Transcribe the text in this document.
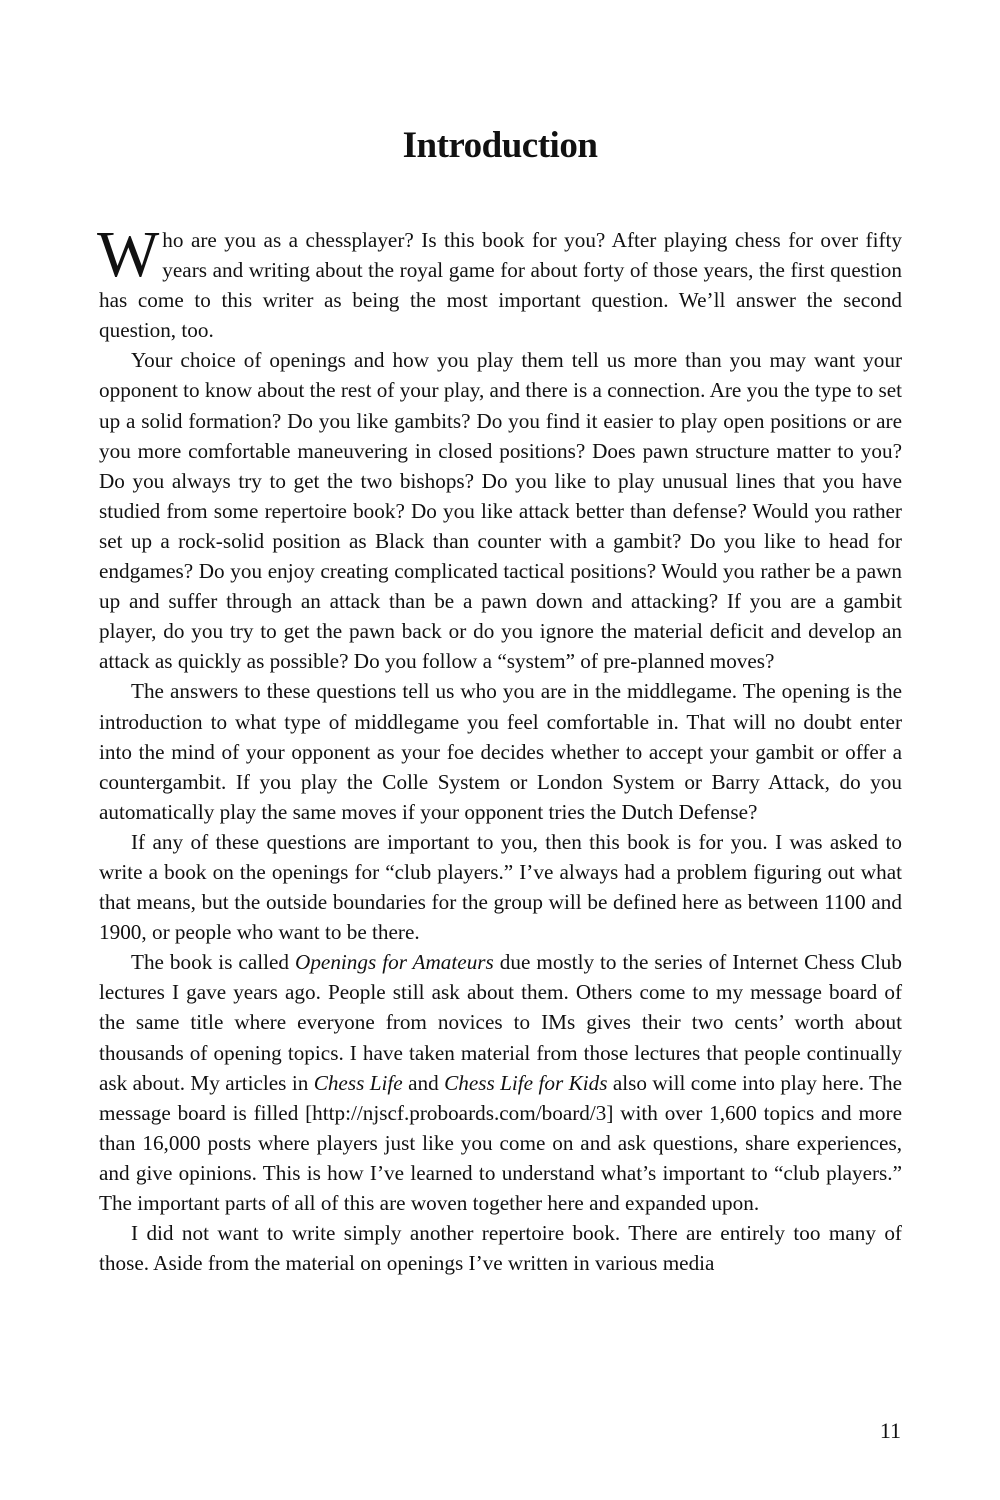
Introduction

Who are you as a chessplayer? Is this book for you? After playing chess for over fifty years and writing about the royal game for about forty of those years, the first question has come to this writer as being the most important question. We’ll answer the second question, too.

Your choice of openings and how you play them tell us more than you may want your opponent to know about the rest of your play, and there is a connection. Are you the type to set up a solid formation? Do you like gambits? Do you find it easier to play open positions or are you more comfortable maneuvering in closed positions? Does pawn structure matter to you? Do you always try to get the two bishops? Do you like to play unusual lines that you have studied from some repertoire book? Do you like attack better than defense? Would you rather set up a rock-solid position as Black than counter with a gambit? Do you like to head for endgames? Do you enjoy creating complicated tactical positions? Would you rather be a pawn up and suffer through an attack than be a pawn down and attacking? If you are a gambit player, do you try to get the pawn back or do you ignore the material deficit and develop an attack as quickly as possible? Do you follow a “system” of pre-planned moves?

The answers to these questions tell us who you are in the middlegame. The opening is the introduction to what type of middlegame you feel comfortable in. That will no doubt enter into the mind of your opponent as your foe decides whether to accept your gambit or offer a countergambit. If you play the Colle System or London System or Barry Attack, do you automatically play the same moves if your opponent tries the Dutch Defense?

If any of these questions are important to you, then this book is for you. I was asked to write a book on the openings for “club players.” I’ve always had a problem figuring out what that means, but the outside boundaries for the group will be defined here as between 1100 and 1900, or people who want to be there.

The book is called Openings for Amateurs due mostly to the series of Internet Chess Club lectures I gave years ago. People still ask about them. Others come to my message board of the same title where everyone from novices to IMs gives their two cents’ worth about thousands of opening topics. I have taken material from those lectures that people continually ask about. My articles in Chess Life and Chess Life for Kids also will come into play here. The message board is filled [http://njscf.proboards.com/board/3] with over 1,600 topics and more than 16,000 posts where players just like you come on and ask questions, share experiences, and give opinions. This is how I’ve learned to understand what’s important to “club players.” The important parts of all of this are woven together here and expanded upon.

I did not want to write simply another repertoire book. There are entirely too many of those. Aside from the material on openings I’ve written in various media

11
